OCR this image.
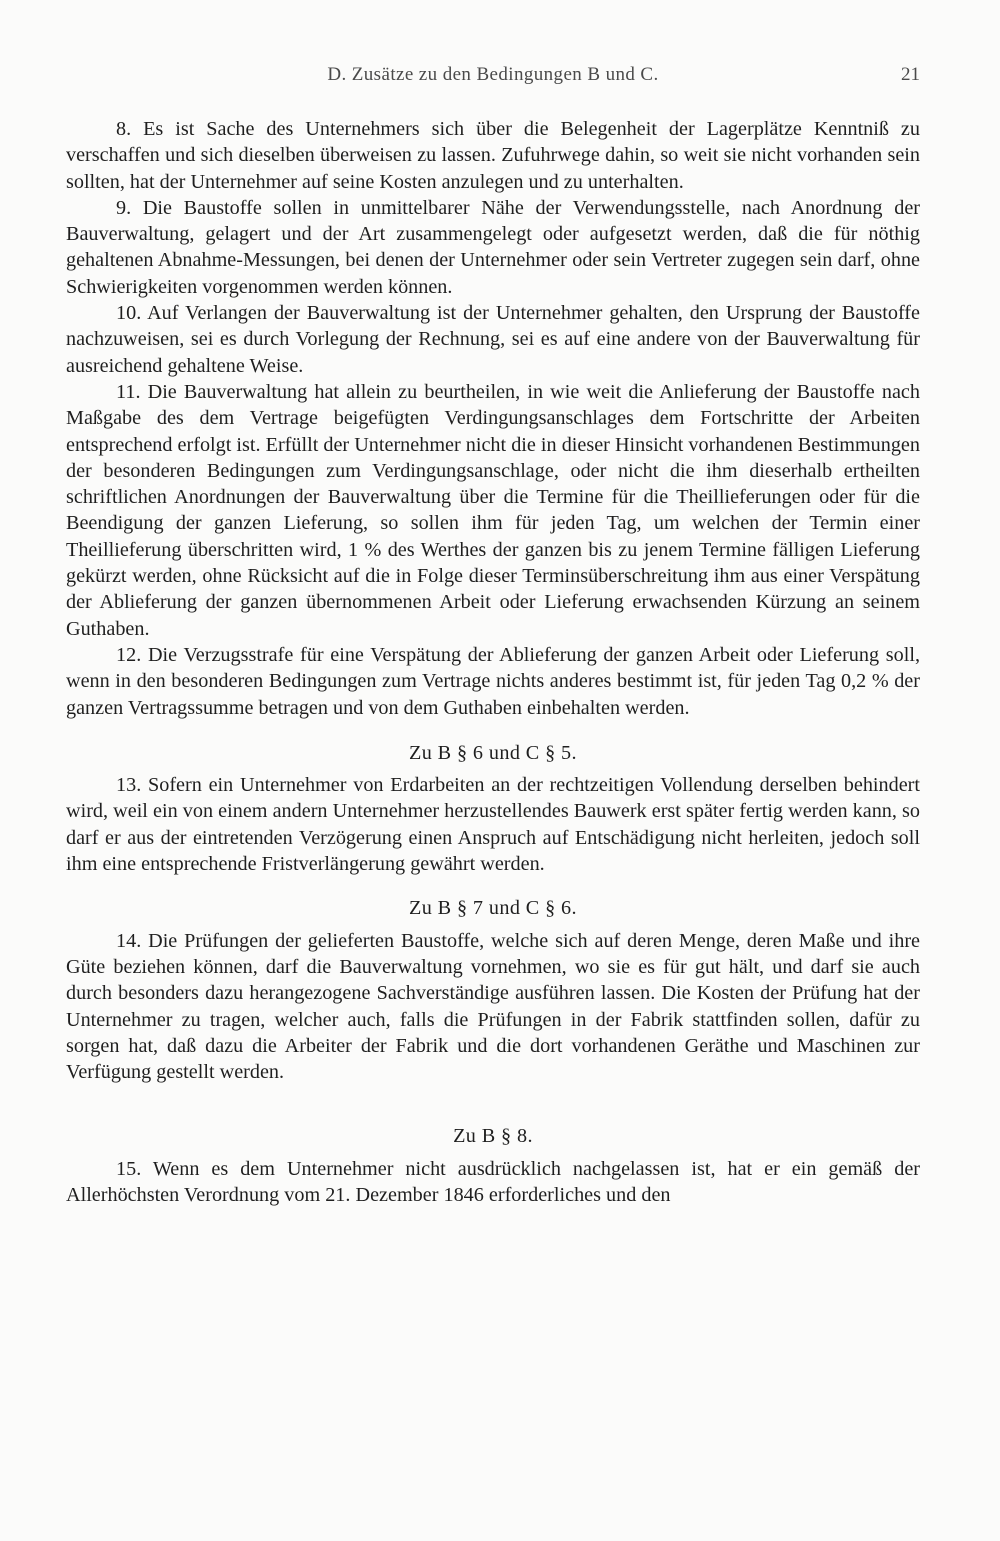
D. Zusätze zu den Bedingungen B und C.	21

8. Es ist Sache des Unternehmers sich über die Belegenheit der Lagerplätze Kenntniß zu verschaffen und sich dieselben überweisen zu lassen. Zufuhrwege dahin, so weit sie nicht vorhanden sein sollten, hat der Unternehmer auf seine Kosten anzulegen und zu unterhalten.

9. Die Baustoffe sollen in unmittelbarer Nähe der Verwendungsstelle, nach Anordnung der Bauverwaltung, gelagert und der Art zusammengelegt oder aufgesetzt werden, daß die für nöthig gehaltenen Abnahme-Messungen, bei denen der Unternehmer oder sein Vertreter zugegen sein darf, ohne Schwierigkeiten vorgenommen werden können.

10. Auf Verlangen der Bauverwaltung ist der Unternehmer gehalten, den Ursprung der Baustoffe nachzuweisen, sei es durch Vorlegung der Rechnung, sei es auf eine andere von der Bauverwaltung für ausreichend gehaltene Weise.

11. Die Bauverwaltung hat allein zu beurtheilen, in wie weit die Anlieferung der Baustoffe nach Maßgabe des dem Vertrage beigefügten Verdingungsanschlages dem Fortschritte der Arbeiten entsprechend erfolgt ist. Erfüllt der Unternehmer nicht die in dieser Hinsicht vorhandenen Bestimmungen der besonderen Bedingungen zum Verdingungsanschlage, oder nicht die ihm dieserhalb ertheilten schriftlichen Anordnungen der Bauverwaltung über die Termine für die Theillieferungen oder für die Beendigung der ganzen Lieferung, so sollen ihm für jeden Tag, um welchen der Termin einer Theillieferung überschritten wird, 1 % des Werthes der ganzen bis zu jenem Termine fälligen Lieferung gekürzt werden, ohne Rücksicht auf die in Folge dieser Terminsüberschreitung ihm aus einer Verspätung der Ablieferung der ganzen übernommenen Arbeit oder Lieferung erwachsenden Kürzung an seinem Guthaben.

12. Die Verzugsstrafe für eine Verspätung der Ablieferung der ganzen Arbeit oder Lieferung soll, wenn in den besonderen Bedingungen zum Vertrage nichts anderes bestimmt ist, für jeden Tag 0,2 % der ganzen Vertragssumme betragen und von dem Guthaben einbehalten werden.

Zu B § 6 und C § 5.

13. Sofern ein Unternehmer von Erdarbeiten an der rechtzeitigen Vollendung derselben behindert wird, weil ein von einem andern Unternehmer herzustellendes Bauwerk erst später fertig werden kann, so darf er aus der eintretenden Verzögerung einen Anspruch auf Entschädigung nicht herleiten, jedoch soll ihm eine entsprechende Fristverlängerung gewährt werden.

Zu B § 7 und C § 6.

14. Die Prüfungen der gelieferten Baustoffe, welche sich auf deren Menge, deren Maße und ihre Güte beziehen können, darf die Bauverwaltung vornehmen, wo sie es für gut hält, und darf sie auch durch besonders dazu herangezogene Sachverständige ausführen lassen. Die Kosten der Prüfung hat der Unternehmer zu tragen, welcher auch, falls die Prüfungen in der Fabrik stattfinden sollen, dafür zu sorgen hat, daß dazu die Arbeiter der Fabrik und die dort vorhandenen Geräthe und Maschinen zur Verfügung gestellt werden.

Zu B § 8.

15. Wenn es dem Unternehmer nicht ausdrücklich nachgelassen ist, hat er ein gemäß der Allerhöchsten Verordnung vom 21. Dezember 1846 erforderliches und den
